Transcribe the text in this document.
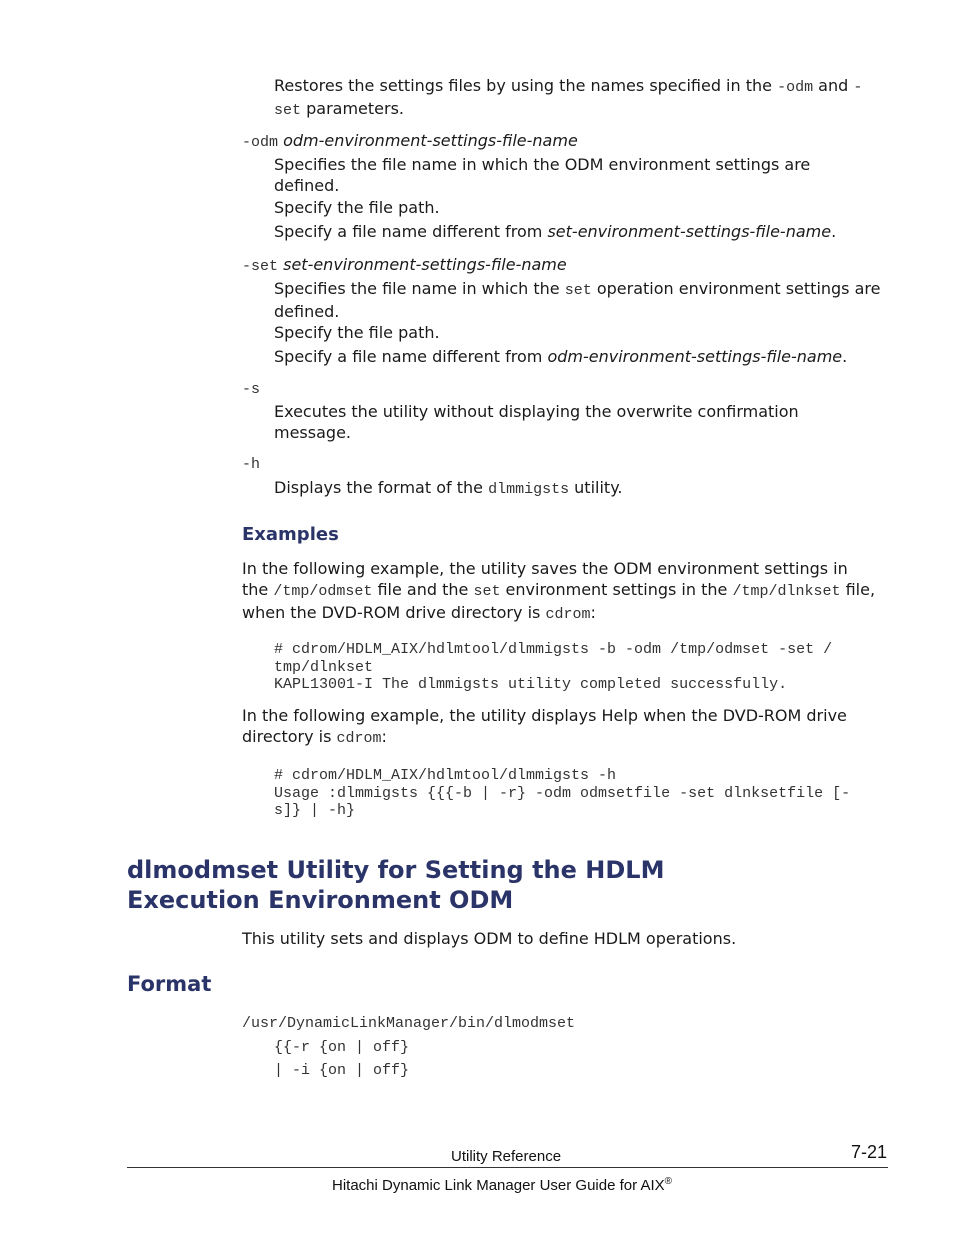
Restores the settings files by using the names specified in the -odm and -
set parameters.
-odm odm-environment-settings-file-name
Specifies the file name in which the ODM environment settings are defined.
Specify the file path.
Specify a file name different from set-environment-settings-file-name.
-set set-environment-settings-file-name
Specifies the file name in which the set operation environment settings are defined.
Specify the file path.
Specify a file name different from odm-environment-settings-file-name.
-s
Executes the utility without displaying the overwrite confirmation message.
-h
Displays the format of the dlmmigsts utility.
Examples
In the following example, the utility saves the ODM environment settings in the /tmp/odmset file and the set environment settings in the /tmp/dlnkset file, when the DVD-ROM drive directory is cdrom:
# cdrom/HDLM_AIX/hdlmtool/dlmmigsts -b -odm /tmp/odmset -set /
tmp/dlnkset
KAPL13001-I The dlmmigsts utility completed successfully.
In the following example, the utility displays Help when the DVD-ROM drive directory is cdrom:
# cdrom/HDLM_AIX/hdlmtool/dlmmigsts -h
Usage :dlmmigsts {{{-b | -r} -odm odmsetfile -set dlnksetfile [-
s]} | -h}
dlmodmset Utility for Setting the HDLM Execution Environment ODM
This utility sets and displays ODM to define HDLM operations.
Format
/usr/DynamicLinkManager/bin/dlmodmset
{{-r {on | off}
| -i {on | off}
Utility Reference	7-21
Hitachi Dynamic Link Manager User Guide for AIX®
